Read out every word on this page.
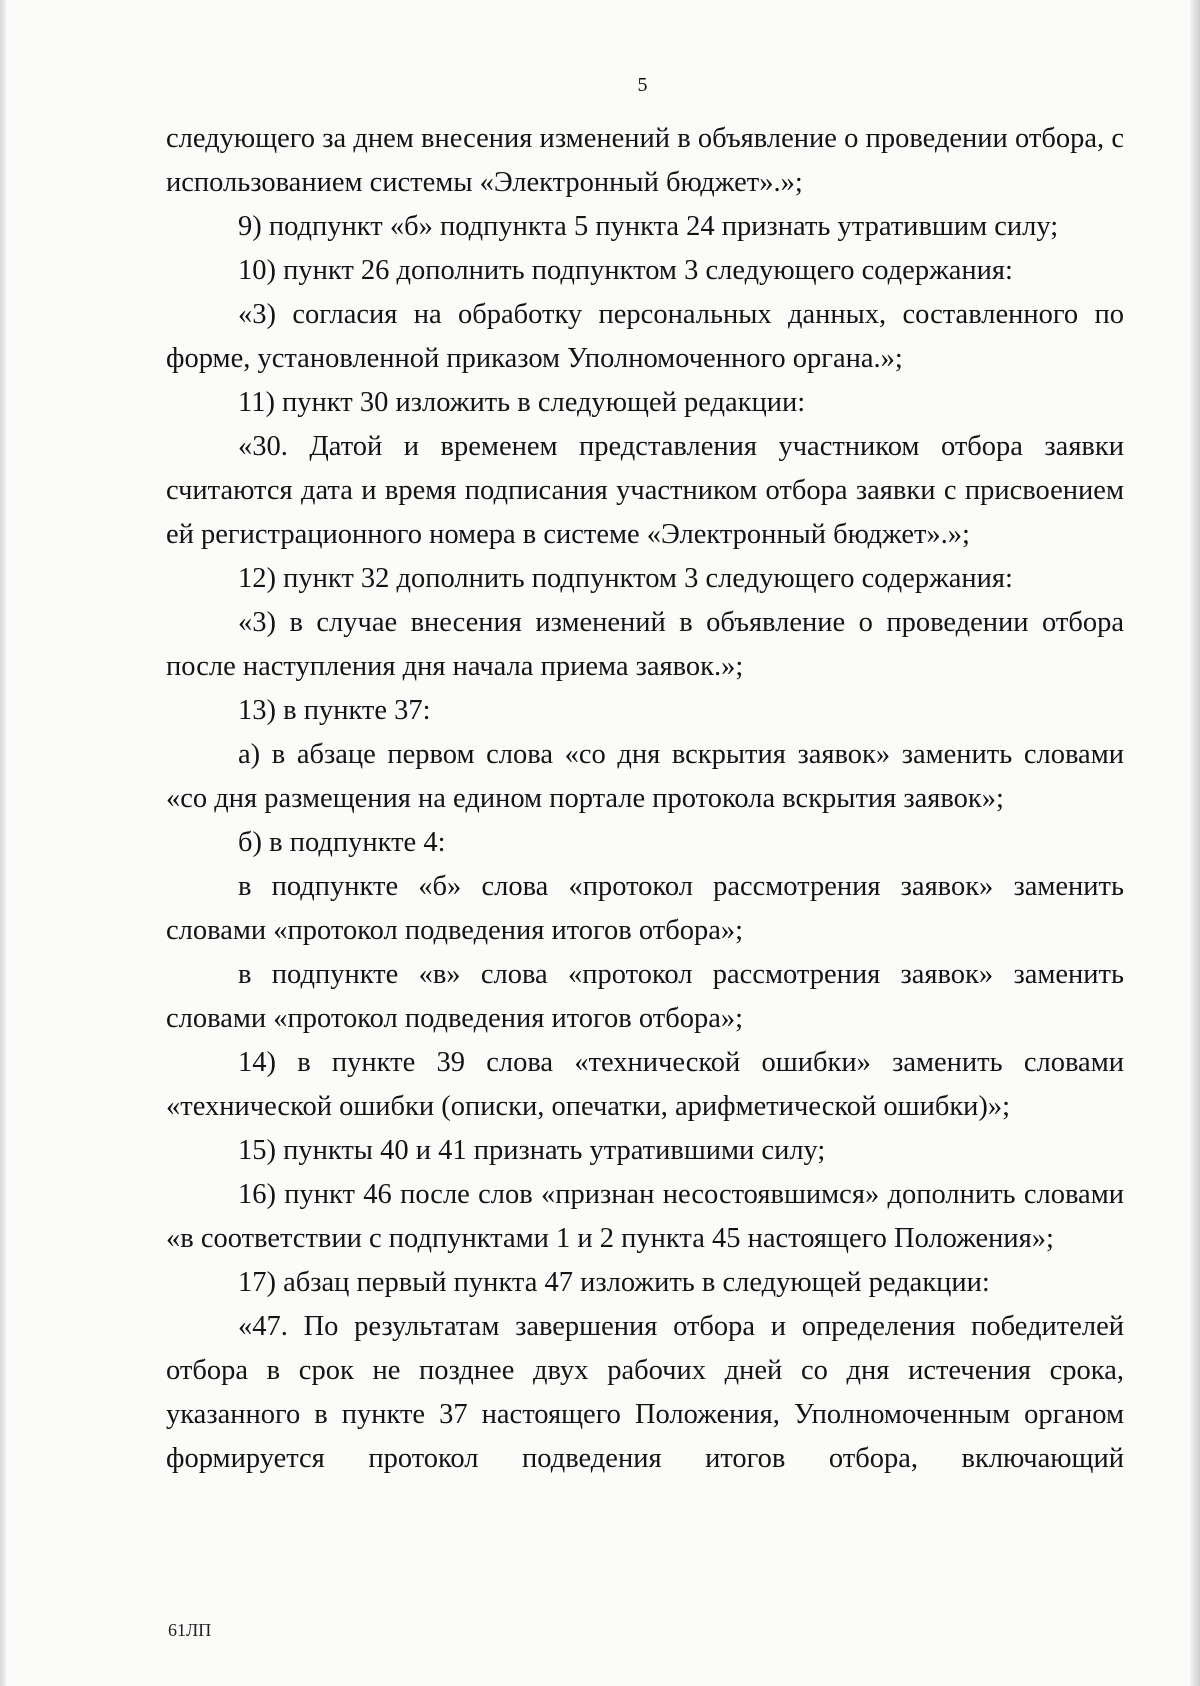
5

следующего за днем внесения изменений в объявление о проведении отбора, с использованием системы «Электронный бюджет».»;

9) подпункт «б» подпункта 5 пункта 24 признать утратившим силу;

10) пункт 26 дополнить подпунктом 3 следующего содержания:

«3) согласия на обработку персональных данных, составленного по форме, установленной приказом Уполномоченного органа.»;

11) пункт 30 изложить в следующей редакции:

«30. Датой и временем представления участником отбора заявки считаются дата и время подписания участником отбора заявки с присвоением ей регистрационного номера в системе «Электронный бюджет».»;

12) пункт 32 дополнить подпунктом 3 следующего содержания:

«3) в случае внесения изменений в объявление о проведении отбора после наступления дня начала приема заявок.»;

13) в пункте 37:

а) в абзаце первом слова «со дня вскрытия заявок» заменить словами «со дня размещения на едином портале протокола вскрытия заявок»;

б) в подпункте 4:

в подпункте «б» слова «протокол рассмотрения заявок» заменить словами «протокол подведения итогов отбора»;

в подпункте «в» слова «протокол рассмотрения заявок» заменить словами «протокол подведения итогов отбора»;

14) в пункте 39 слова «технической ошибки» заменить словами «технической ошибки (описки, опечатки, арифметической ошибки)»;

15) пункты 40 и 41 признать утратившими силу;

16) пункт 46 после слов «признан несостоявшимся» дополнить словами «в соответствии с подпунктами 1 и 2 пункта 45 настоящего Положения»;

17) абзац первый пункта 47 изложить в следующей редакции:

«47. По результатам завершения отбора и определения победителей отбора в срок не позднее двух рабочих дней со дня истечения срока, указанного в пункте 37 настоящего Положения, Уполномоченным органом формируется протокол подведения итогов отбора, включающий

61ЛП
